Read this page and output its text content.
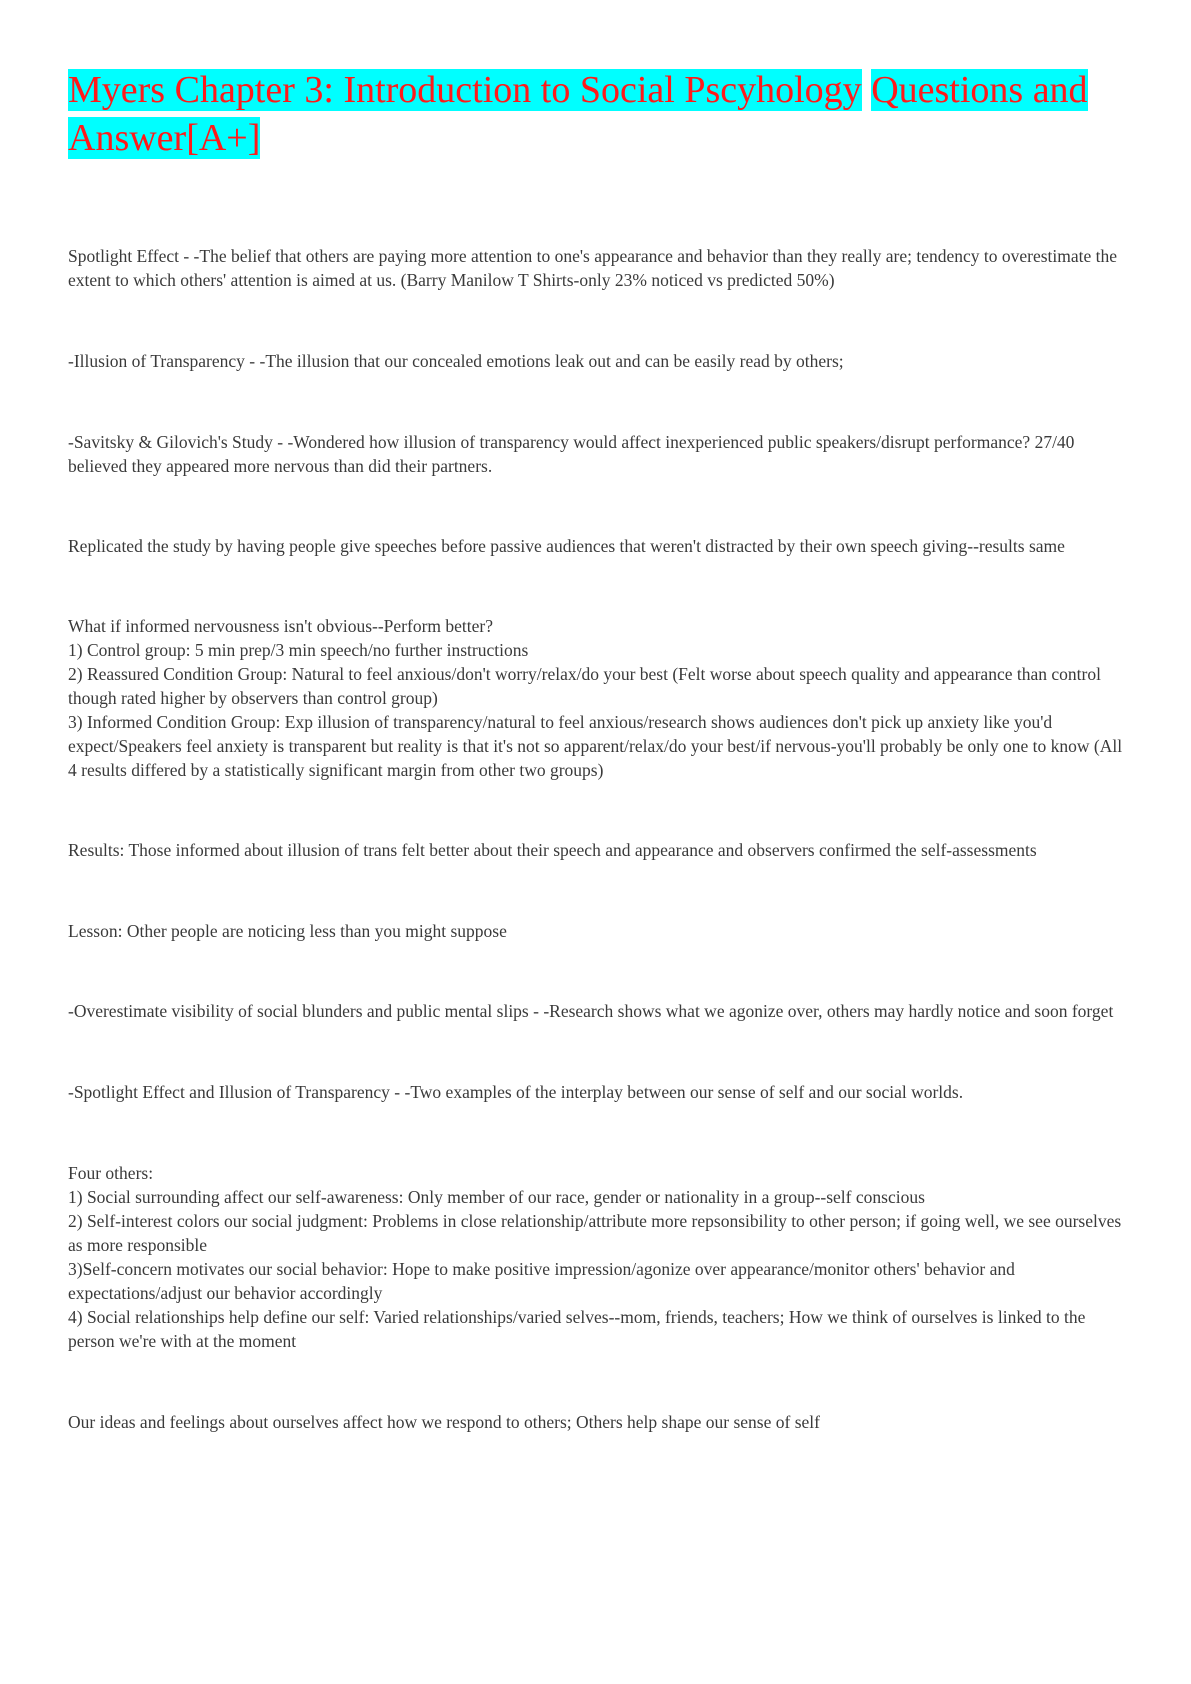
Myers Chapter 3: Introduction to Social Pscyhology Questions and Answer[A+]

Spotlight Effect - -The belief that others are paying more attention to one's appearance and behavior than they really are; tendency to overestimate the extent to which others' attention is aimed at us. (Barry Manilow T Shirts-only 23% noticed vs predicted 50%)

-Illusion of Transparency - -The illusion that our concealed emotions leak out and can be easily read by others;

-Savitsky & Gilovich's Study - -Wondered how illusion of transparency would affect inexperienced public speakers/disrupt performance? 27/40 believed they appeared more nervous than did their partners.

Replicated the study by having people give speeches before passive audiences that weren't distracted by their own speech giving--results same

What if informed nervousness isn't obvious--Perform better?

1) Control group: 5 min prep/3 min speech/no further instructions

2) Reassured Condition Group: Natural to feel anxious/don't worry/relax/do your best (Felt worse about speech quality and appearance than control though rated higher by observers than control group)

3) Informed Condition Group: Exp illusion of transparency/natural to feel anxious/research shows audiences don't pick up anxiety like you'd expect/Speakers feel anxiety is transparent but reality is that it's not so apparent/relax/do your best/if nervous-you'll probably be only one to know (All 4 results differed by a statistically significant margin from other two groups)

Results: Those informed about illusion of trans felt better about their speech and appearance and observers confirmed the self-assessments

Lesson: Other people are noticing less than you might suppose

-Overestimate visibility of social blunders and public mental slips - -Research shows what we agonize over, others may hardly notice and soon forget

-Spotlight Effect and Illusion of Transparency - -Two examples of the interplay between our sense of self and our social worlds.

Four others:

1) Social surrounding affect our self-awareness: Only member of our race, gender or nationality in a group--self conscious

2) Self-interest colors our social judgment: Problems in close relationship/attribute more repsonsibility to other person; if going well, we see ourselves as more responsible

3)Self-concern motivates our social behavior: Hope to make positive impression/agonize over appearance/monitor others' behavior and expectations/adjust our behavior accordingly

4) Social relationships help define our self: Varied relationships/varied selves--mom, friends, teachers; How we think of ourselves is linked to the person we're with at the moment

Our ideas and feelings about ourselves affect how we respond to others; Others help shape our sense of self
